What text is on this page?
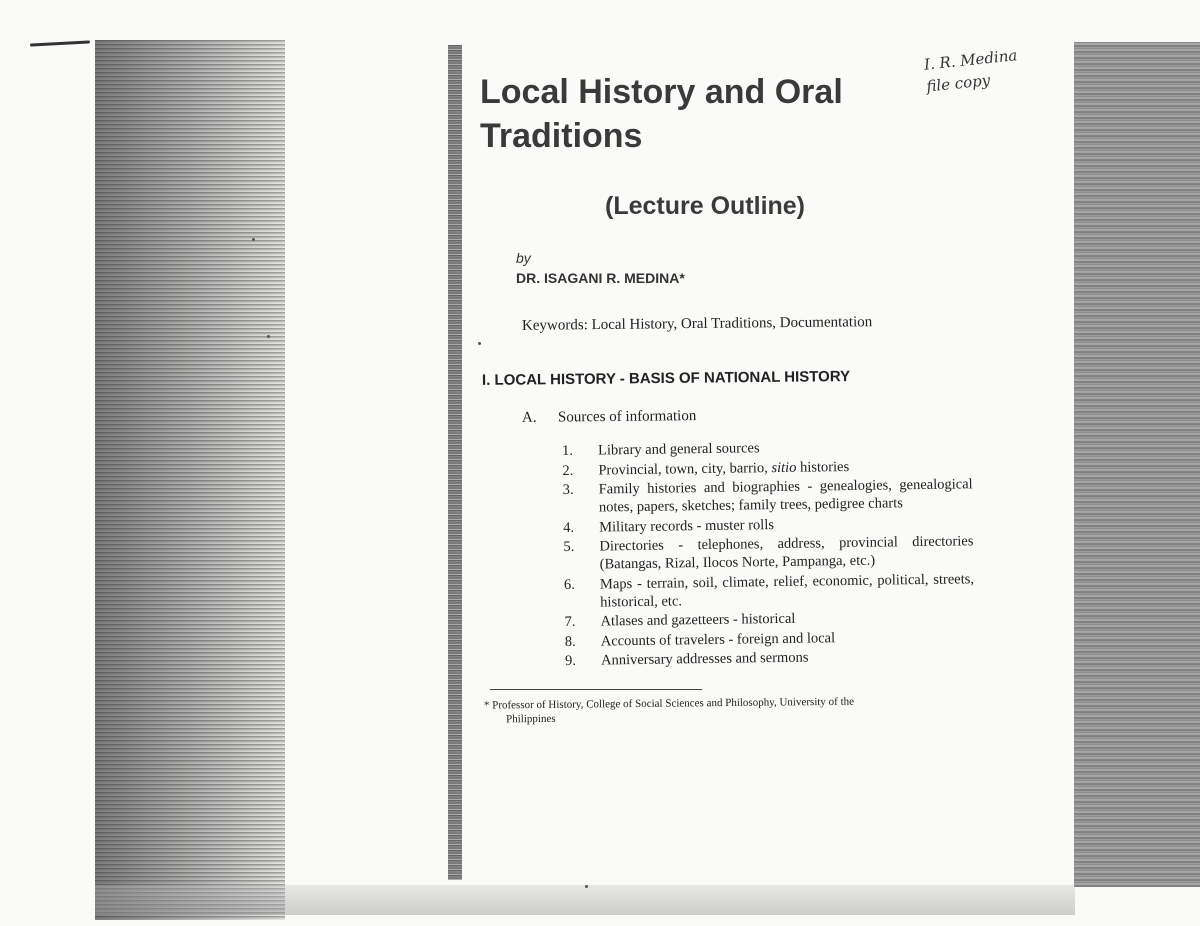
Local History and Oral
Traditions
I. R. Medina
file copy
(Lecture Outline)
by
DR. ISAGANI R. MEDINA*
Keywords: Local History, Oral Traditions, Documentation
I. LOCAL HISTORY - BASIS OF NATIONAL HISTORY
A. Sources of information
1.	Library and general sources
2.	Provincial, town, city, barrio, sitio histories
3.	Family histories and biographies - genealogies, genealogical notes, papers, sketches; family trees, pedigree charts
4.	Military records - muster rolls
5.	Directories - telephones, address, provincial directories (Batangas, Rizal, Ilocos Norte, Pampanga, etc.)
6.	Maps - terrain, soil, climate, relief, economic, political, streets, historical, etc.
7.	Atlases and gazetteers - historical
8.	Accounts of travelers - foreign and local
9.	Anniversary addresses and sermons
* Professor of History, College of Social Sciences and Philosophy, University of the
Philippines
